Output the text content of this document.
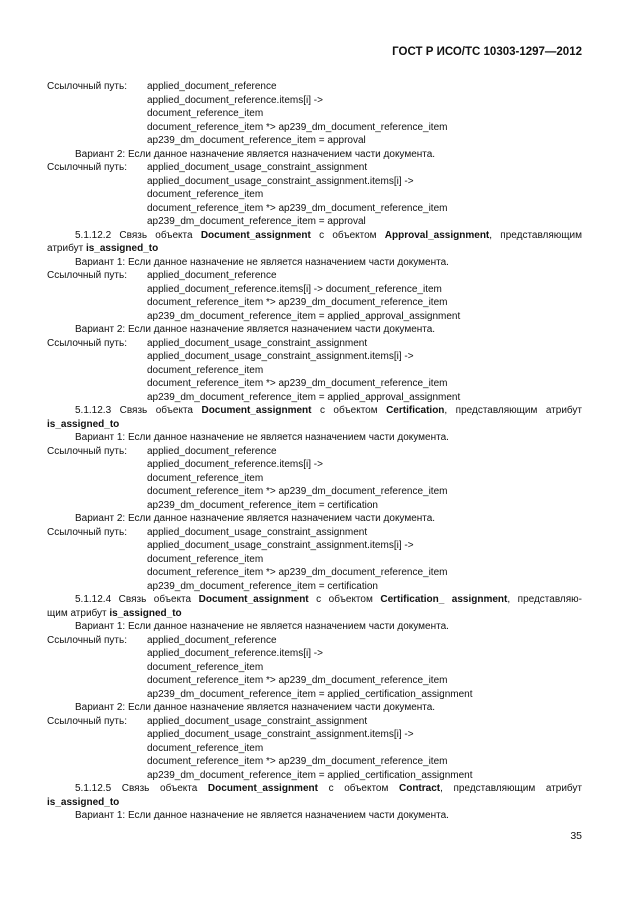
ГОСТ Р ИСО/ТС 10303-1297—2012
Ссылочный путь: applied_document_reference
applied_document_reference.items[i] ->
document_reference_item
document_reference_item *> ap239_dm_document_reference_item
ap239_dm_document_reference_item = approval
Вариант 2: Если данное назначение является назначением части документа.
Ссылочный путь: applied_document_usage_constraint_assignment
applied_document_usage_constraint_assignment.items[i] ->
document_reference_item
document_reference_item *> ap239_dm_document_reference_item
ap239_dm_document_reference_item = approval
5.1.12.2 Связь объекта Document_assignment с объектом Approval_assignment, представляющим
атрибут is_assigned_to
Вариант 1: Если данное назначение не является назначением части документа.
Ссылочный путь: applied_document_reference
applied_document_reference.items[i] -> document_reference_item
document_reference_item *> ap239_dm_document_reference_item
ap239_dm_document_reference_item = applied_approval_assignment
Вариант 2: Если данное назначение является назначением части документа.
Ссылочный путь: applied_document_usage_constraint_assignment
applied_document_usage_constraint_assignment.items[i] ->
document_reference_item
document_reference_item *> ap239_dm_document_reference_item
ap239_dm_document_reference_item = applied_approval_assignment
5.1.12.3 Связь объекта Document_assignment с объектом Certification, представляющим атрибут
is_assigned_to
Вариант 1: Если данное назначение не является назначением части документа.
Ссылочный путь: applied_document_reference
applied_document_reference.items[i] ->
document_reference_item
document_reference_item *> ap239_dm_document_reference_item
ap239_dm_document_reference_item = certification
Вариант 2: Если данное назначение является назначением части документа.
Ссылочный путь: applied_document_usage_constraint_assignment
applied_document_usage_constraint_assignment.items[i] ->
document_reference_item
document_reference_item *> ap239_dm_document_reference_item
ap239_dm_document_reference_item = certification
5.1.12.4 Связь объекта Document_assignment с объектом Certification_ assignment, представляю-
щим атрибут is_assigned_to
Вариант 1: Если данное назначение не является назначением части документа.
Ссылочный путь: applied_document_reference
applied_document_reference.items[i] ->
document_reference_item
document_reference_item *> ap239_dm_document_reference_item
ap239_dm_document_reference_item = applied_certification_assignment
Вариант 2: Если данное назначение является назначением части документа.
Ссылочный путь: applied_document_usage_constraint_assignment
applied_document_usage_constraint_assignment.items[i] ->
document_reference_item
document_reference_item *> ap239_dm_document_reference_item
ap239_dm_document_reference_item = applied_certification_assignment
5.1.12.5 Связь объекта Document_assignment с объектом Contract, представляющим атрибут
is_assigned_to
Вариант 1: Если данное назначение не является назначением части документа.
35
